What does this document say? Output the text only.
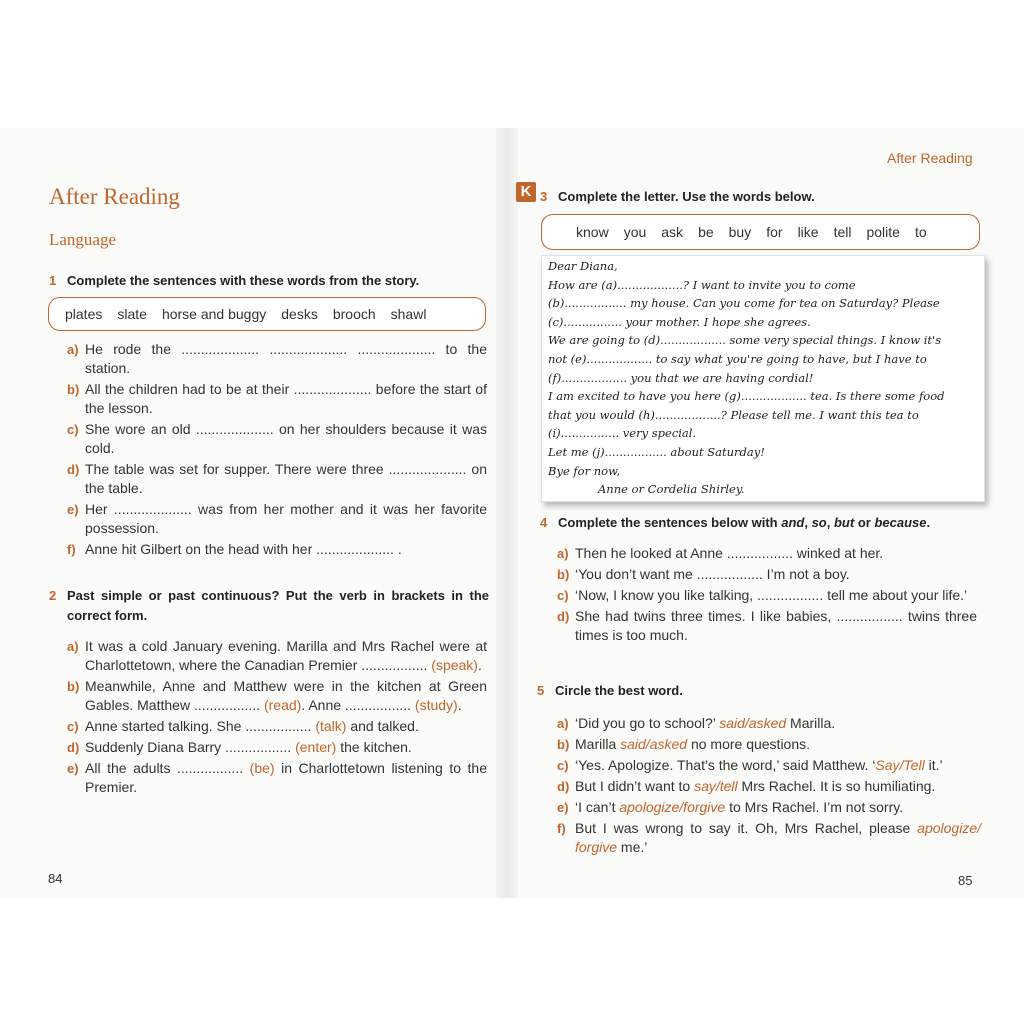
After Reading
Language
1 Complete the sentences with these words from the story.
plates slate horse and buggy desks brooch shawl
a) He rode the .................... .................... .................... to the station.
b) All the children had to be at their .................... before the start of the lesson.
c) She wore an old .................... on her shoulders because it was cold.
d) The table was set for supper. There were three .................... on the table.
e) Her .................... was from her mother and it was her favorite possession.
f) Anne hit Gilbert on the head with her .................... .
2 Past simple or past continuous? Put the verb in brackets in the correct form.
a) It was a cold January evening. Marilla and Mrs Rachel were at Charlottetown, where the Canadian Premier ................. (speak).
b) Meanwhile, Anne and Matthew were in the kitchen at Green Gables. Matthew ................. (read). Anne ................. (study).
c) Anne started talking. She ................. (talk) and talked.
d) Suddenly Diana Barry ................. (enter) the kitchen.
e) All the adults ................. (be) in Charlottetown listening to the Premier.
84
After Reading
K 3 Complete the letter. Use the words below.
know you ask be buy for like tell polite to
Dear Diana,
How are (a)..................? I want to invite you to come
(b)................. my house. Can you come for tea on Saturday? Please
(c)................ your mother. I hope she agrees.
We are going to (d).................. some very special things. I know it's
not (e).................. to say what you're going to have, but I have to
(f).................. you that we are having cordial!
I am excited to have you here (g).................. tea. Is there some food
that you would (h)..................? Please tell me. I want this tea to
(i)................ very special.
Let me (j)................. about Saturday!
Bye for now,
Anne or Cordelia Shirley.
4 Complete the sentences below with and, so, but or because.
a) Then he looked at Anne ................. winked at her.
b) ‘You don’t want me ................. I’m not a boy.
c) ‘Now, I know you like talking, ................. tell me about your life.’
d) She had twins three times. I like babies, ................. twins three times is too much.
5 Circle the best word.
a) ‘Did you go to school?’ said/asked Marilla.
b) Marilla said/asked no more questions.
c) ‘Yes. Apologize. That’s the word,’ said Matthew. ‘Say/Tell it.’
d) But I didn’t want to say/tell Mrs Rachel. It is so humiliating.
e) ‘I can’t apologize/forgive to Mrs Rachel. I’m not sorry.
f) But I was wrong to say it. Oh, Mrs Rachel, please apologize/ forgive me.’
85
